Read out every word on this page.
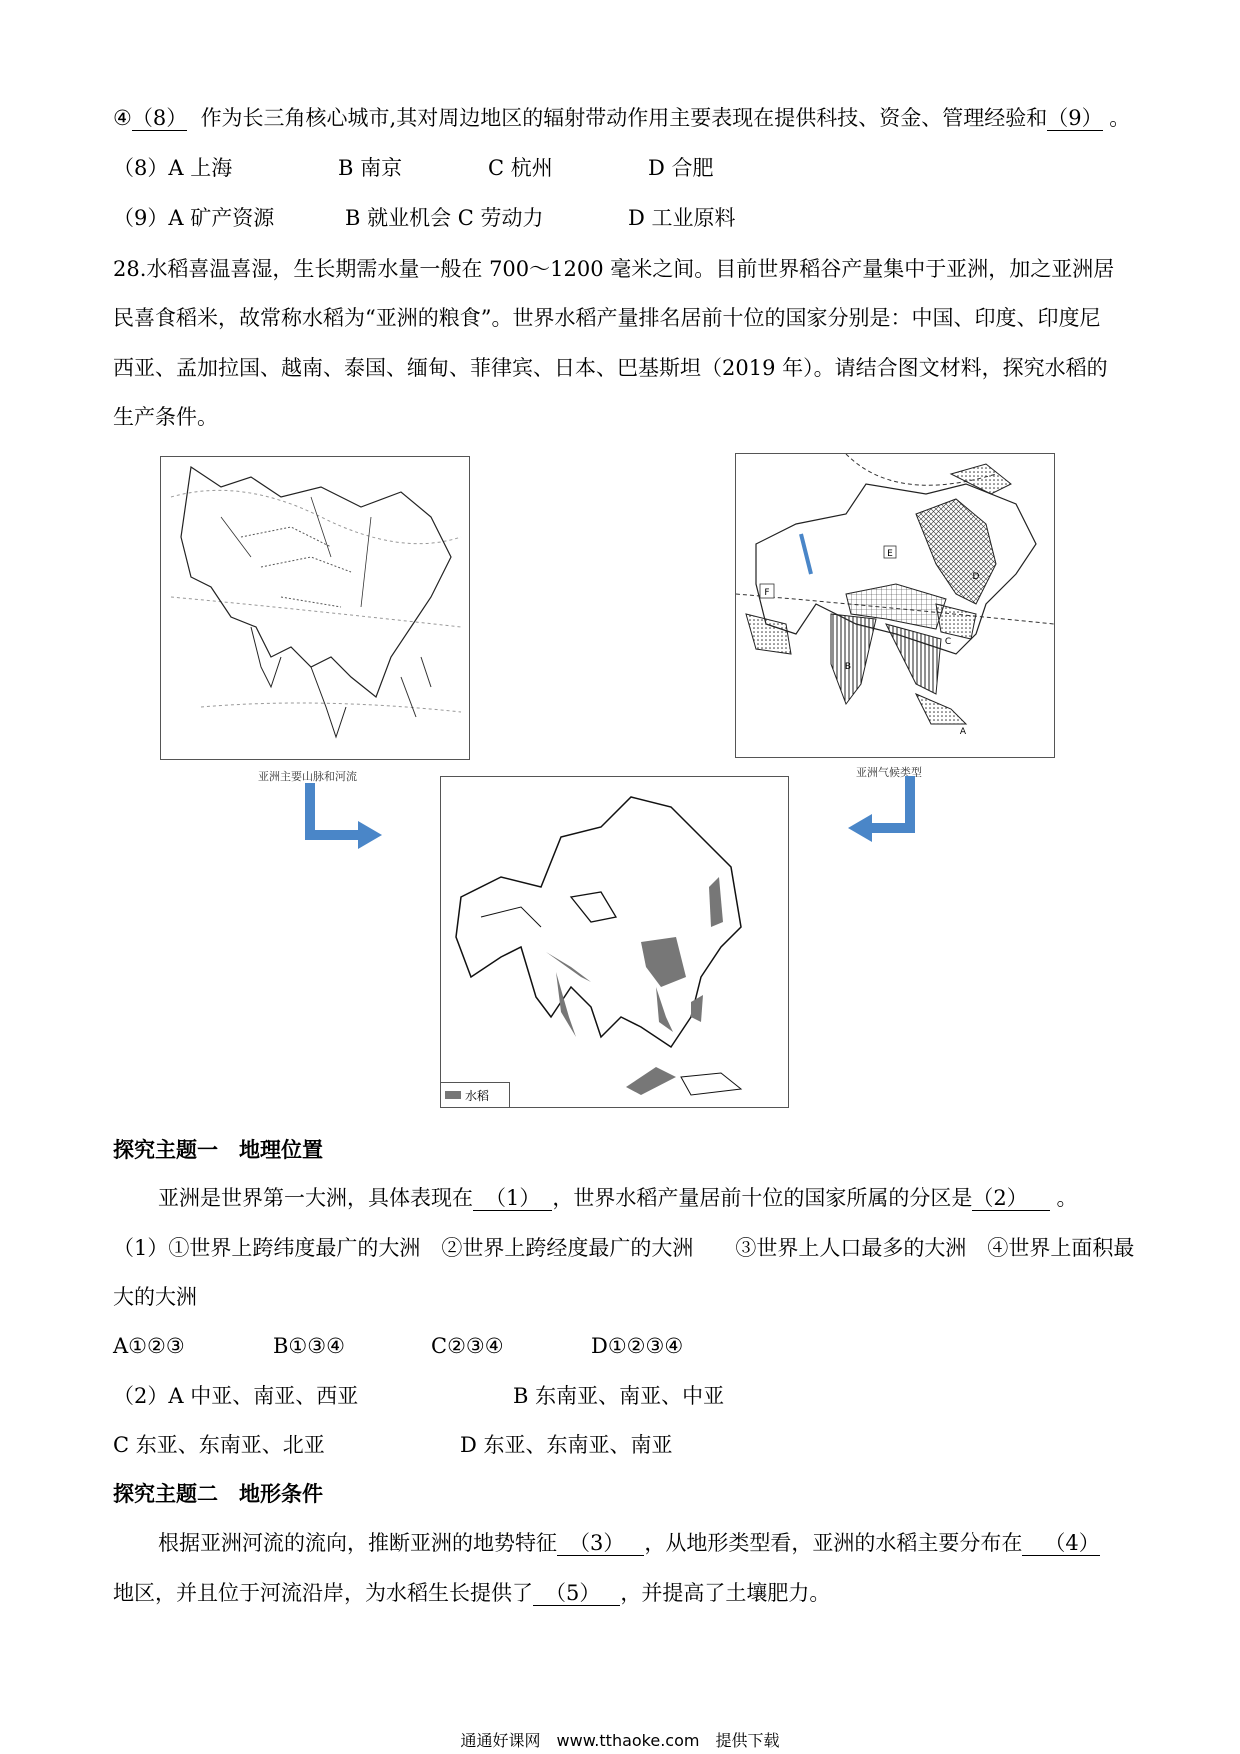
④（8） 作为长三角核心城市,其对周边地区的辐射带动作用主要表现在提供科技、资金、管理经验和（9） 。
（8）A 上海	B 南京	C 杭州	D 合肥
（9）A 矿产资源	B 就业机会 C 劳动力	D 工业原料
28.水稻喜温喜湿，生长期需水量一般在 700～1200 毫米之间。目前世界稻谷产量集中于亚洲，加之亚洲居
民喜食稻米，故常称水稻为“亚洲的粮食”。世界水稻产量排名居前十位的国家分别是：中国、印度、印度尼
西亚、孟加拉国、越南、泰国、缅甸、菲律宾、日本、巴基斯坦（2019 年）。请结合图文材料，探究水稻的
生产条件。
亚洲主要山脉和河流
E
F
D
C
B
A
亚洲气候类型
水稻
探究主题一　地理位置
亚洲是世界第一大洲，具体表现在 （1） ，世界水稻产量居前十位的国家所属的分区是（2） 。
（1）①世界上跨纬度最广的大洲　②世界上跨经度最广的大洲　　③世界上人口最多的大洲　④世界上面积最
大的大洲
A①②③	B①③④	C②③④	D①②③④
（2）A 中亚、南亚、西亚	B 东南亚、南亚、中亚
C 东亚、东南亚、北亚	D 东亚、东南亚、南亚
探究主题二　地形条件
根据亚洲河流的流向，推断亚洲的地势特征 （3） ，从地形类型看，亚洲的水稻主要分布在 （4）
地区，并且位于河流沿岸，为水稻生长提供了 （5） ，并提高了土壤肥力。
通通好课网　www.tthaoke.com　提供下载
